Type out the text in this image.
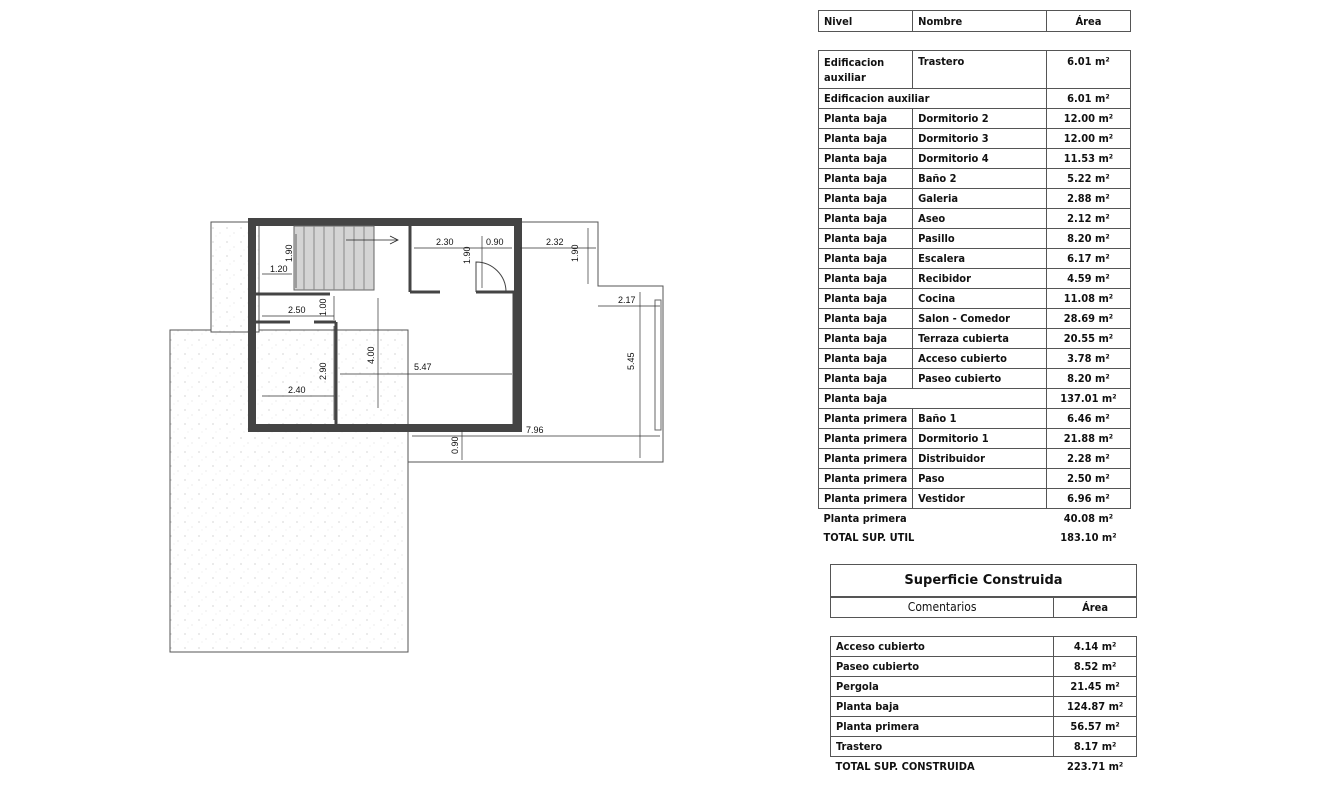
1.20
1.90
2.30	0.90
1.90
2.32
1.90
2.17
2.50 1.00
4.00
5.47	5.45
2.90
2.40
7.96
0.90
Nivel	Nombre	Área

Edificacion auxiliar	Trastero	6.01 m²
Edificacion auxiliar		6.01 m²
Planta baja	Dormitorio 2	12.00 m²
Planta baja	Dormitorio 3	12.00 m²
Planta baja	Dormitorio 4	11.53 m²
Planta baja	Baño 2	5.22 m²
Planta baja	Galeria	2.88 m²
Planta baja	Aseo	2.12 m²
Planta baja	Pasillo	8.20 m²
Planta baja	Escalera	6.17 m²
Planta baja	Recibidor	4.59 m²
Planta baja	Cocina	11.08 m²
Planta baja	Salon - Comedor	28.69 m²
Planta baja	Terraza cubierta	20.55 m²
Planta baja	Acceso cubierto	3.78 m²
Planta baja	Paseo cubierto	8.20 m²
Planta baja		137.01 m²
Planta primera	Baño 1	6.46 m²
Planta primera	Dormitorio 1	21.88 m²
Planta primera	Distribuidor	2.28 m²
Planta primera	Paso	2.50 m²
Planta primera	Vestidor	6.96 m²
Planta primera		40.08 m²
TOTAL SUP. UTIL		183.10 m²
Superficie Construida
Comentarios	Área
Acceso cubierto	4.14 m²
Paseo cubierto	8.52 m²
Pergola	21.45 m²
Planta baja	124.87 m²
Planta primera	56.57 m²
Trastero	8.17 m²
TOTAL SUP. CONSTRUIDA	223.71 m²
